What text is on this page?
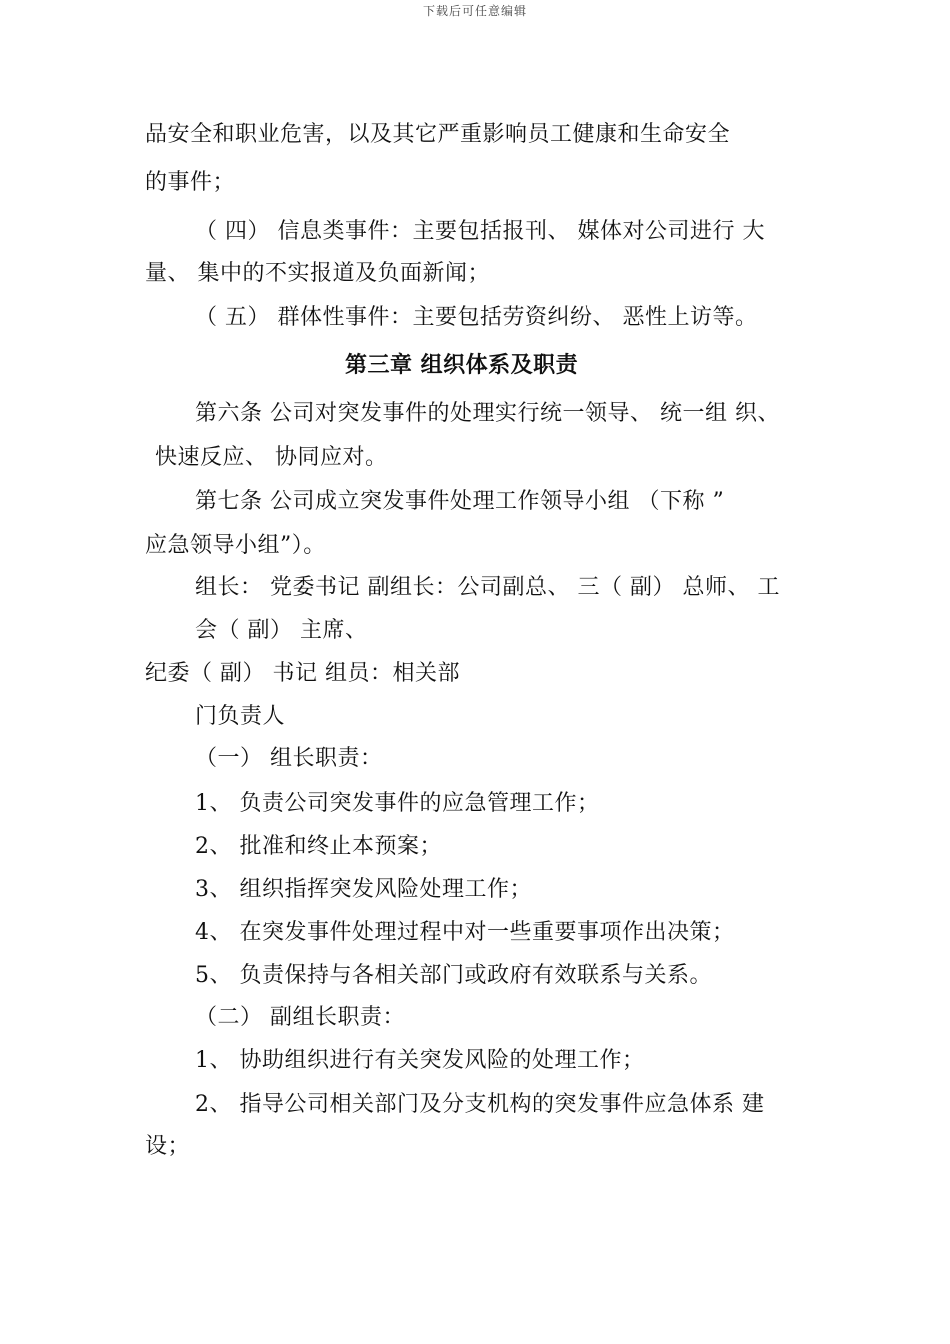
下载后可任意编辑
品安全和职业危害，以及其它严重影响员工健康和生命安全
的事件；
（ 四） 信息类事件：主要包括报刊、 媒体对公司进行 大
量、 集中的不实报道及负面新闻；
（ 五） 群体性事件：主要包括劳资纠纷、 恶性上访等。
第三章 组织体系及职责
第六条 公司对突发事件的处理实行统一领导、 统一组 织、
快速反应、 协同应对。
第七条 公司成立突发事件处理工作领导小组 （下称 ”
应急领导小组”）。
组长： 党委书记 副组长：公司副总、 三（ 副） 总师、 工
会（ 副） 主席、
纪委（ 副） 书记 组员：相关部
门负责人
（一） 组长职责：
1、 负责公司突发事件的应急管理工作；
2、 批准和终止本预案；
3、 组织指挥突发风险处理工作；
4、 在突发事件处理过程中对一些重要事项作出决策；
5、 负责保持与各相关部门或政府有效联系与关系。
（二） 副组长职责：
1、 协助组织进行有关突发风险的处理工作；
2、 指导公司相关部门及分支机构的突发事件应急体系 建
设；
